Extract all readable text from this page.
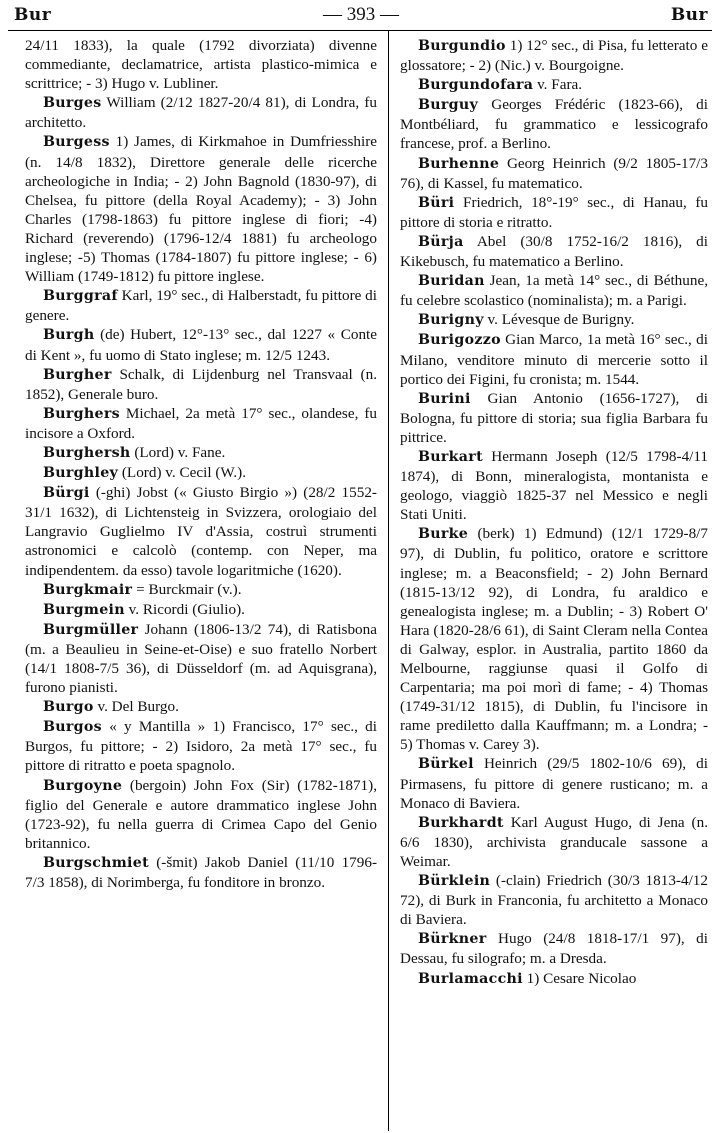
Bur	— 393 —	Bur

24/11 1833), la quale (1792 divorziata) divenne commediante, declamatrice, artista plastico-mimica e scrittrice; - 3) Hugo v. Lubliner.

Burges William (2/12 1827-20/4 81), di Londra, fu architetto.

Burgess 1) James, di Kirkmahoe in Dumfriesshire (n. 14/8 1832), Direttore generale delle ricerche archeologiche in India; - 2) John Bagnold (1830-97), di Chelsea, fu pittore (della Royal Academy); - 3) John Charles (1798-1863) fu pittore inglese di fiori; -4) Richard (reverendo) (1796-12/4 1881) fu archeologo inglese; -5) Thomas (1784-1807) fu pittore inglese; - 6) William (1749-1812) fu pittore inglese.

Burggraf Karl, 19° sec., di Halberstadt, fu pittore di genere.

Burgh (de) Hubert, 12°-13° sec., dal 1227 « Conte di Kent », fu uomo di Stato inglese; m. 12/5 1243.

Burgher Schalk, di Lijdenburg nel Transvaal (n. 1852), Generale buro.

Burghers Michael, 2a metà 17° sec., olandese, fu incisore a Oxford.

Burghersh (Lord) v. Fane.

Burghley (Lord) v. Cecil (W.).

Bürgi (-ghi) Jobst (« Giusto Birgio ») (28/2 1552-31/1 1632), di Lichtensteig in Svizzera, orologiaio del Langravio Guglielmo IV d'Assia, costruì strumenti astronomici e calcolò (contemp. con Neper, ma indipendentem. da esso) tavole logaritmiche (1620).

Burgkmair = Burckmair (v.).

Burgmein v. Ricordi (Giulio).

Burgmüller Johann (1806-13/2 74), di Ratisbona (m. a Beaulieu in Seine-et-Oise) e suo fratello Norbert (14/1 1808-7/5 36), di Düsseldorf (m. ad Aquisgrana), furono pianisti.

Burgo v. Del Burgo.

Burgos « y Mantilla » 1) Francisco, 17° sec., di Burgos, fu pittore; - 2) Isidoro, 2a metà 17° sec., fu pittore di ritratto e poeta spagnolo.

Burgoyne (bergoin) John Fox (Sir) (1782-1871), figlio del Generale e autore drammatico inglese John (1723-92), fu nella guerra di Crimea Capo del Genio britannico.

Burgschmiet (-šmit) Jakob Daniel (11/10 1796-7/3 1858), di Norimberga, fu fonditore in bronzo.

Burgundio 1) 12° sec., di Pisa, fu letterato e glossatore; - 2) (Nic.) v. Bourgoigne.

Burgundofara v. Fara.

Burguy Georges Frédéric (1823-66), di Montbéliard, fu grammatico e lessicografo francese, prof. a Berlino.

Burhenne Georg Heinrich (9/2 1805-17/3 76), di Kassel, fu matematico.

Büri Friedrich, 18°-19° sec., di Hanau, fu pittore di storia e ritratto.

Bürja Abel (30/8 1752-16/2 1816), di Kikebusch, fu matematico a Berlino.

Buridan Jean, 1a metà 14° sec., di Béthune, fu celebre scolastico (nominalista); m. a Parigi.

Burigny v. Lévesque de Burigny.

Burigozzo Gian Marco, 1a metà 16° sec., di Milano, venditore minuto di mercerie sotto il portico dei Figini, fu cronista; m. 1544.

Burini Gian Antonio (1656-1727), di Bologna, fu pittore di storia; sua figlia Barbara fu pittrice.

Burkart Hermann Joseph (12/5 1798-4/11 1874), di Bonn, mineralogista, montanista e geologo, viaggiò 1825-37 nel Messico e negli Stati Uniti.

Burke (berk) 1) Edmund) (12/1 1729-8/7 97), di Dublin, fu politico, oratore e scrittore inglese; m. a Beaconsfield; - 2) John Bernard (1815-13/12 92), di Londra, fu araldico e genealogista inglese; m. a Dublin; - 3) Robert O' Hara (1820-28/6 61), di Saint Cleram nella Contea di Galway, esplor. in Australia, partito 1860 da Melbourne, raggiunse quasi il Golfo di Carpentaria; ma poi morì di fame; - 4) Thomas (1749-31/12 1815), di Dublin, fu l'incisore in rame prediletto dalla Kauffmann; m. a Londra; - 5) Thomas v. Carey 3).

Bürkel Heinrich (29/5 1802-10/6 69), di Pirmasens, fu pittore di genere rusticano; m. a Monaco di Baviera.

Burkhardt Karl August Hugo, di Jena (n. 6/6 1830), archivista granducale sassone a Weimar.

Bürklein (-clain) Friedrich (30/3 1813-4/12 72), di Burk in Franconia, fu architetto a Monaco di Baviera.

Bürkner Hugo (24/8 1818-17/1 97), di Dessau, fu silografo; m. a Dresda.

Burlamacchi 1) Cesare Nicolao
